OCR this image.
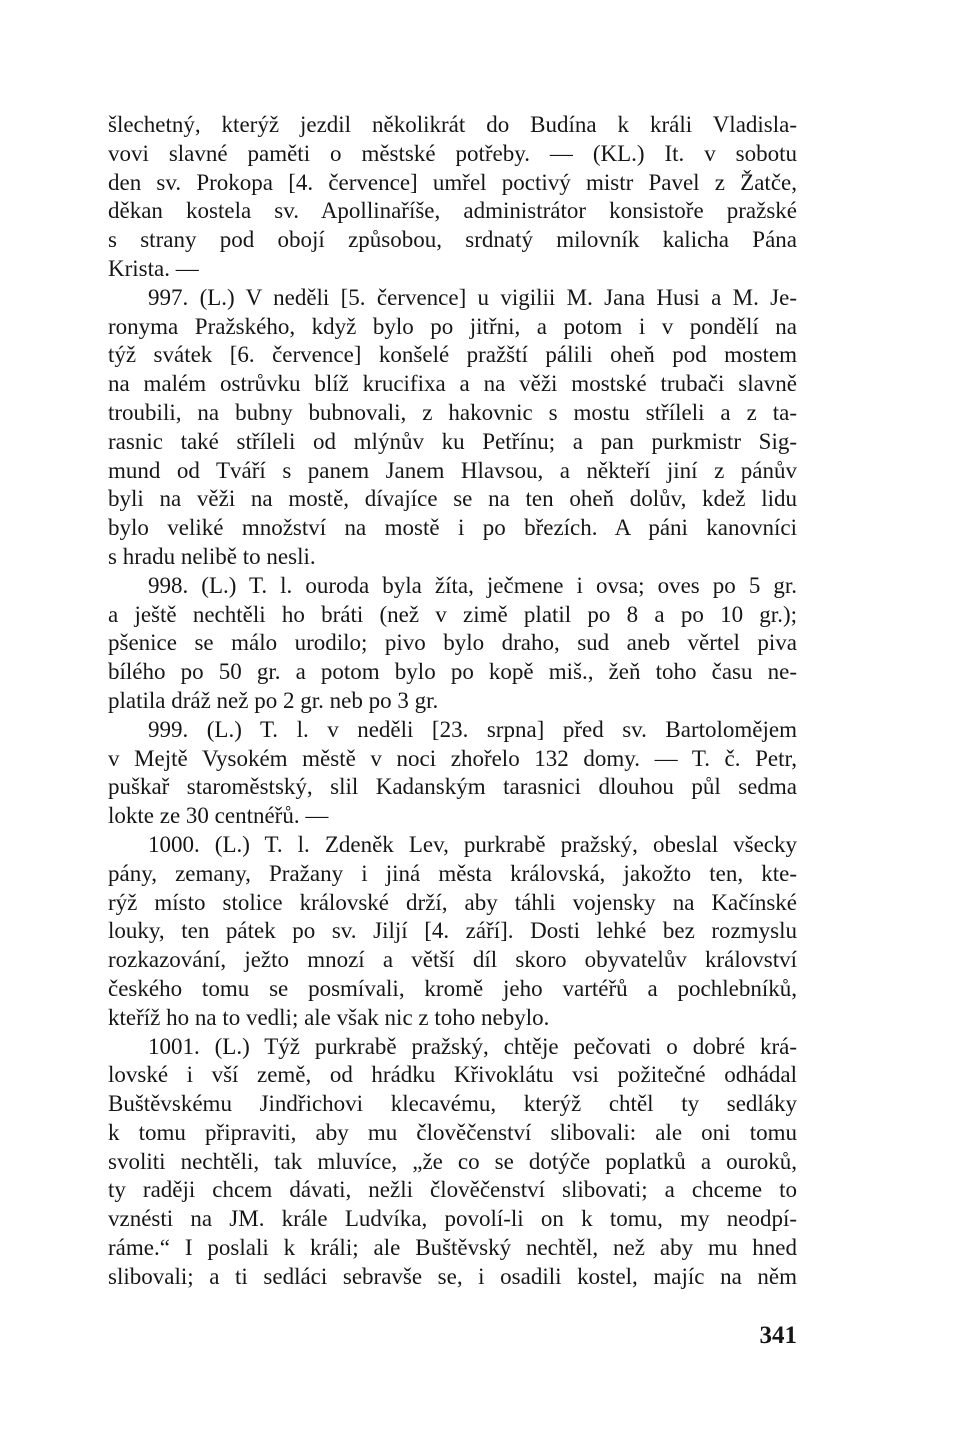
šlechetný, kterýž jezdil několikrát do Budína k králi Vladisla-
vovi slavné paměti o městské potřeby. — (KL.) It. v sobotu
den sv. Prokopa [4. července] umřel poctivý mistr Pavel z Žatče,
děkan kostela sv. Apollinaříše, administrátor konsistoře pražské
s strany pod obojí způsobou, srdnatý milovník kalicha Pána
Krista. —
997. (L.) V neděli [5. července] u vigilii M. Jana Husi a M. Je-
ronyma Pražského, když bylo po jitřni, a potom i v pondělí na
týž svátek [6. července] konšelé pražští pálili oheň pod mostem
na malém ostrůvku blíž krucifixa a na věži mostské trubači slavně
troubili, na bubny bubnovali, z hakovnic s mostu stříleli a z ta-
rasnic také stříleli od mlýnův ku Petřínu; a pan purkmistr Sig-
mund od Tváří s panem Janem Hlavsou, a někteří jiní z pánův
byli na věži na mostě, dívajíce se na ten oheň dolův, kdež lidu
bylo veliké množství na mostě i po březích. A páni kanovníci
s hradu nelibě to nesli.
998. (L.) T. l. ouroda byla žíta, ječmene i ovsa; oves po 5 gr.
a ještě nechtěli ho bráti (než v zimě platil po 8 a po 10 gr.);
pšenice se málo urodilo; pivo bylo draho, sud aneb věrtel piva
bílého po 50 gr. a potom bylo po kopě miš., žeň toho času ne-
platila dráž než po 2 gr. neb po 3 gr.
999. (L.) T. l. v neděli [23. srpna] před sv. Bartolomějem
v Mejtě Vysokém městě v noci zhořelo 132 domy. — T. č. Petr,
puškař staroměstský, slil Kadanským tarasnici dlouhou půl sedma
lokte ze 30 centnéřů. —
1000. (L.) T. l. Zdeněk Lev, purkrabě pražský, obeslal všecky
pány, zemany, Pražany i jiná města královská, jakožto ten, kte-
rýž místo stolice královské drží, aby táhli vojensky na Kačínské
louky, ten pátek po sv. Jiljí [4. září]. Dosti lehké bez rozmyslu
rozkazování, ježto mnozí a větší díl skoro obyvatelův království
českého tomu se posmívali, kromě jeho vartéřů a pochlebníků,
kteříž ho na to vedli; ale však nic z toho nebylo.
1001. (L.) Týž purkrabě pražský, chtěje pečovati o dobré krá-
lovské i vší země, od hrádku Křivoklátu vsi požitečné odhádal
Buštěvskému Jindřichovi klecavému, kterýž chtěl ty sedláky
k tomu připraviti, aby mu člověčenství slibovali: ale oni tomu
svoliti nechtěli, tak mluvíce, „že co se dotýče poplatků a ouroků,
ty raději chcem dávati, nežli člověčenství slibovati; a chceme to
vznésti na JM. krále Ludvíka, povolí-li on k tomu, my neodpí-
ráme.“ I poslali k králi; ale Buštěvský nechtěl, než aby mu hned
slibovali; a ti sedláci sebravše se, i osadili kostel, majíc na něm
341
